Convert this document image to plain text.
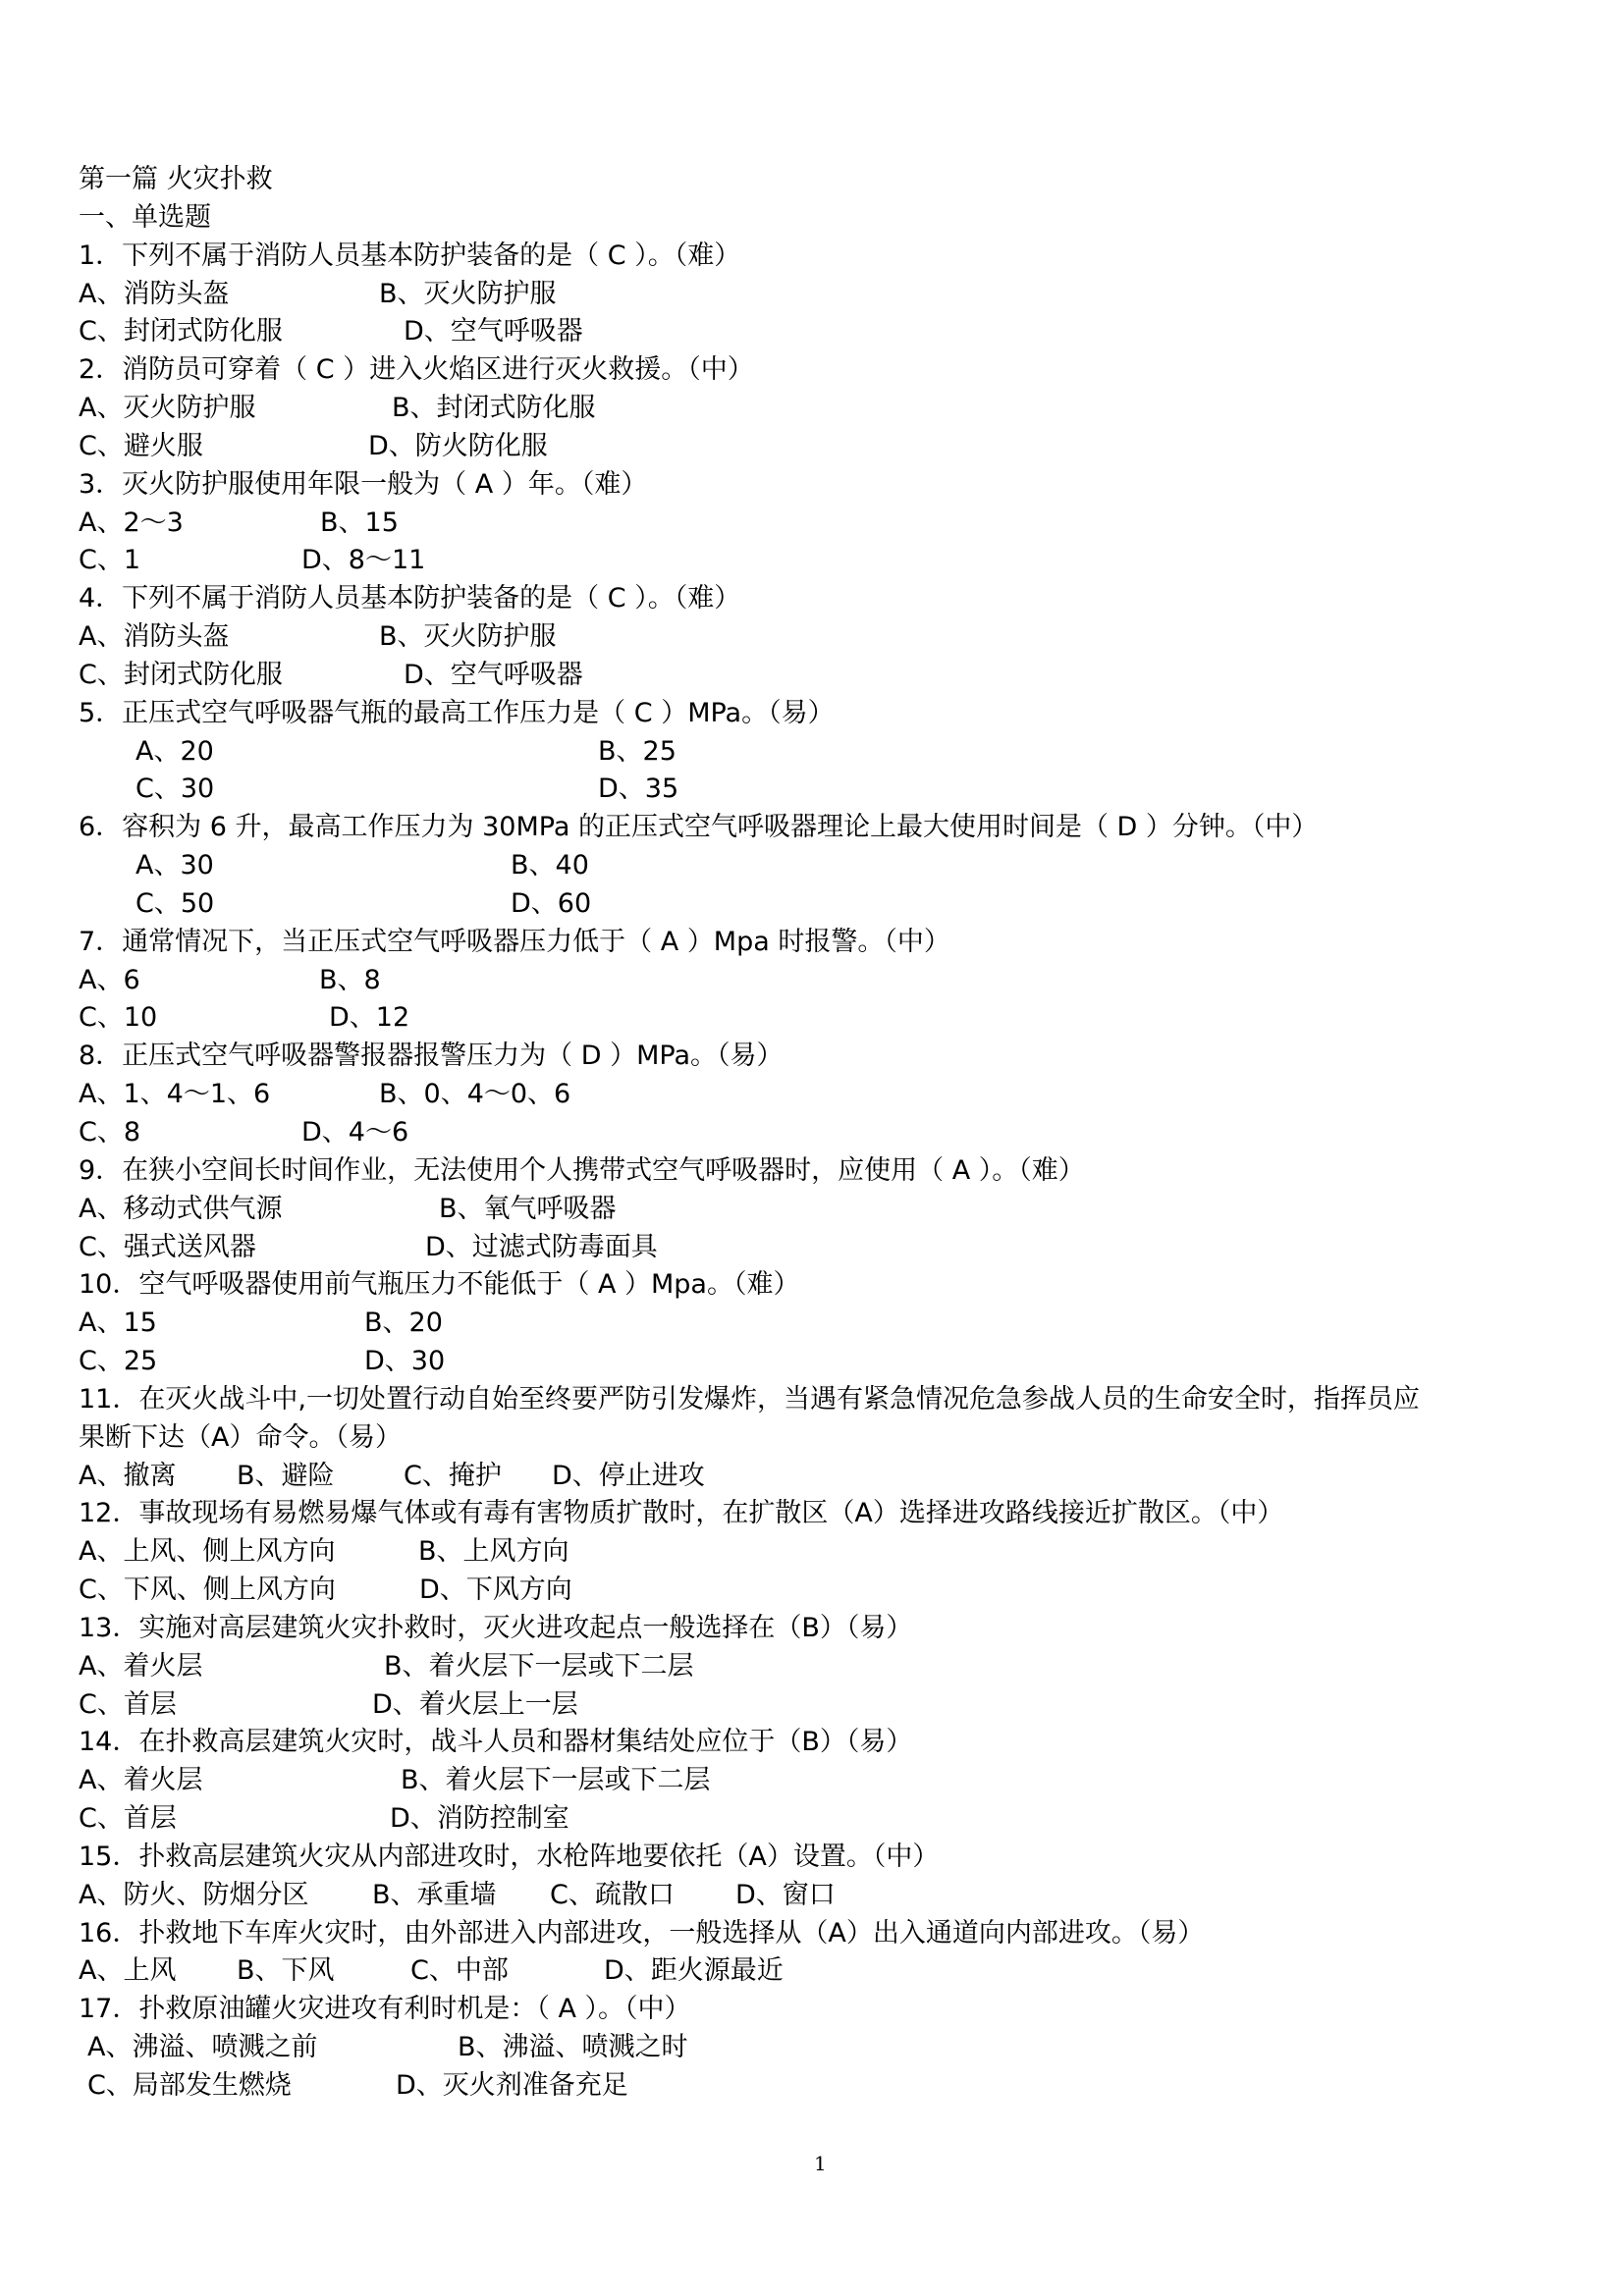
第一篇 火灾扑救
一、单选题
1．下列不属于消防人员基本防护装备的是（ C ）。（难）
A、消防头盔	B、灭火防护服
C、封闭式防化服	D、空气呼吸器
2．消防员可穿着（ C ）进入火焰区进行灭火救援。（中）
A、灭火防护服	B、封闭式防化服
C、避火服	D、防火防化服
3．灭火防护服使用年限一般为（ A ）年。（难）
A、2～3	B、15
C、1	D、8～11
4．下列不属于消防人员基本防护装备的是（ C ）。（难）
A、消防头盔	B、灭火防护服
C、封闭式防化服	D、空气呼吸器
5．正压式空气呼吸器气瓶的最高工作压力是（ C ）MPa。（易）
A、20	B、25
C、30	D、35
6．容积为 6 升，最高工作压力为 30MPa 的正压式空气呼吸器理论上最大使用时间是（ D ）分钟。（中）
A、30	B、40
C、50	D、60
7．通常情况下，当正压式空气呼吸器压力低于（ A ）Mpa 时报警。（中）
A、6	B、8
C、10	D、12
8．正压式空气呼吸器警报器报警压力为（ D ）MPa。（易）
A、1、4～1、6	B、0、4～0、6
C、8	D、4～6
9．在狭小空间长时间作业，无法使用个人携带式空气呼吸器时，应使用（ A ）。（难）
A、移动式供气源	B、氧气呼吸器
C、强式送风器	D、过滤式防毒面具
10．空气呼吸器使用前气瓶压力不能低于（ A ）Mpa。（难）
A、15	B、20
C、25	D、30
11．在灭火战斗中,一切处置行动自始至终要严防引发爆炸，当遇有紧急情况危急参战人员的生命安全时，指挥员应
果断下达（A）命令。（易）
A、撤离 B、避险	C、掩护 D、停止进攻
12．事故现场有易燃易爆气体或有毒有害物质扩散时，在扩散区（A）选择进攻路线接近扩散区。（中）
A、上风、侧上风方向	B、上风方向
C、下风、侧上风方向	D、下风方向
13．实施对高层建筑火灾扑救时，灭火进攻起点一般选择在（B）（易）
A、着火层	B、着火层下一层或下二层
C、首层	D、着火层上一层
14．在扑救高层建筑火灾时，战斗人员和器材集结处应位于（B）（易）
A、着火层	B、着火层下一层或下二层
C、首层	D、消防控制室
15．扑救高层建筑火灾从内部进攻时，水枪阵地要依托（A）设置。（中）
A、防火、防烟分区 B、承重墙 C、疏散口 D、窗口
16．扑救地下车库火灾时，由外部进入内部进攻，一般选择从（A）出入通道向内部进攻。（易）
A、上风 B、下风	C、中部	D、距火源最近
17．扑救原油罐火灾进攻有利时机是：（ A ）。（中）
A、沸溢、喷溅之前	B、沸溢、喷溅之时
C、局部发生燃烧	D、灭火剂准备充足
1
